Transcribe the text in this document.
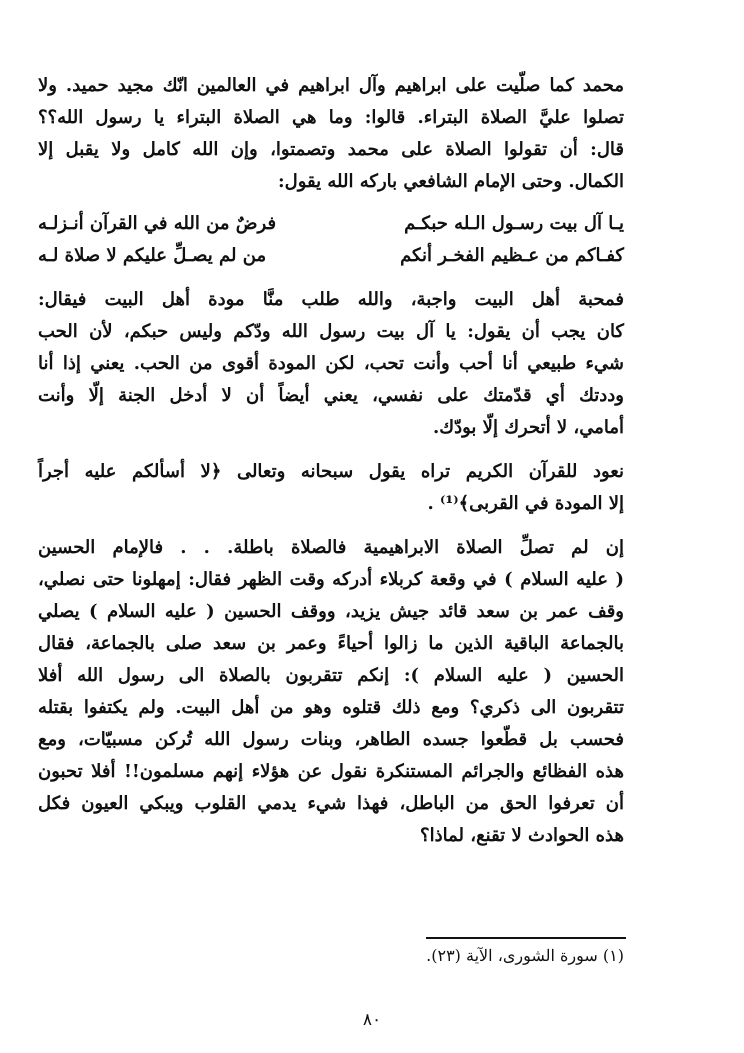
محمد كما صلّيت على ابراهيم وآل ابراهيم في العالمين انّك مجيد حميد. ولا
تصلوا عليَّ الصلاة البتراء. قالوا: وما هي الصلاة البتراء يا رسول الله؟؟
قال: أن تقولوا الصلاة على محمد وتصمتوا، وإن الله كامل ولا يقبل إلا
الكمال. وحتى الإمام الشافعي باركه الله يقول:

يـا آل بيت رسـول الـله حبكـم
فرضٌ من الله في القرآن أنـزلـه
كفـاكم من عـظيم الفخـر أنكم
من لم يصـلِّ عليكم لا صلاة لـه

فمحبة أهل البيت واجبة، والله طلب منَّا مودة أهل البيت فيقال:
كان يجب أن يقول: يا آل بيت رسول الله ودّكم وليس حبكم، لأن الحب
شيء طبيعي أنا أحب وأنت تحب، لكن المودة أقوى من الحب. يعني إذا أنا
وددتك أي قدّمتك على نفسي، يعني أيضاً أن لا أدخل الجنة إلّا وأنت
أمامي، لا أتحرك إلّا بودّك.

نعود للقرآن الكريم تراه يقول سبحانه وتعالى ﴿لا أسألكم عليه أجراً
إلا المودة في القربى﴾⁽¹⁾ .

إن لم تصلِّ الصلاة الابراهيمية فالصلاة باطلة. . . فالإمام الحسين
( عليه السلام ) في وقعة كربلاء أدركه وقت الظهر فقال: إمهلونا حتى نصلي،
وقف عمر بن سعد قائد جيش يزيد، ووقف الحسين ( عليه السلام ) يصلي
بالجماعة الباقية الذين ما زالوا أحياءً وعمر بن سعد صلى بالجماعة، فقال
الحسين ( عليه السلام ): إنكم تتقربون بالصلاة الى رسول الله أفلا
تتقربون الى ذكري؟ ومع ذلك قتلوه وهو من أهل البيت. ولم يكتفوا بقتله
فحسب بل قطّعوا جسده الطاهر، وبنات رسول الله تُركن مسبيّات، ومع
هذه الفظائع والجرائم المستنكرة نقول عن هؤلاء إنهم مسلمون!! أفلا تحبون
أن تعرفوا الحق من الباطل، فهذا شيء يدمي القلوب ويبكي العيون فكل
هذه الحوادث لا تقنع، لماذا؟

(١) سورة الشورى، الآية (٢٣).
٨٠
